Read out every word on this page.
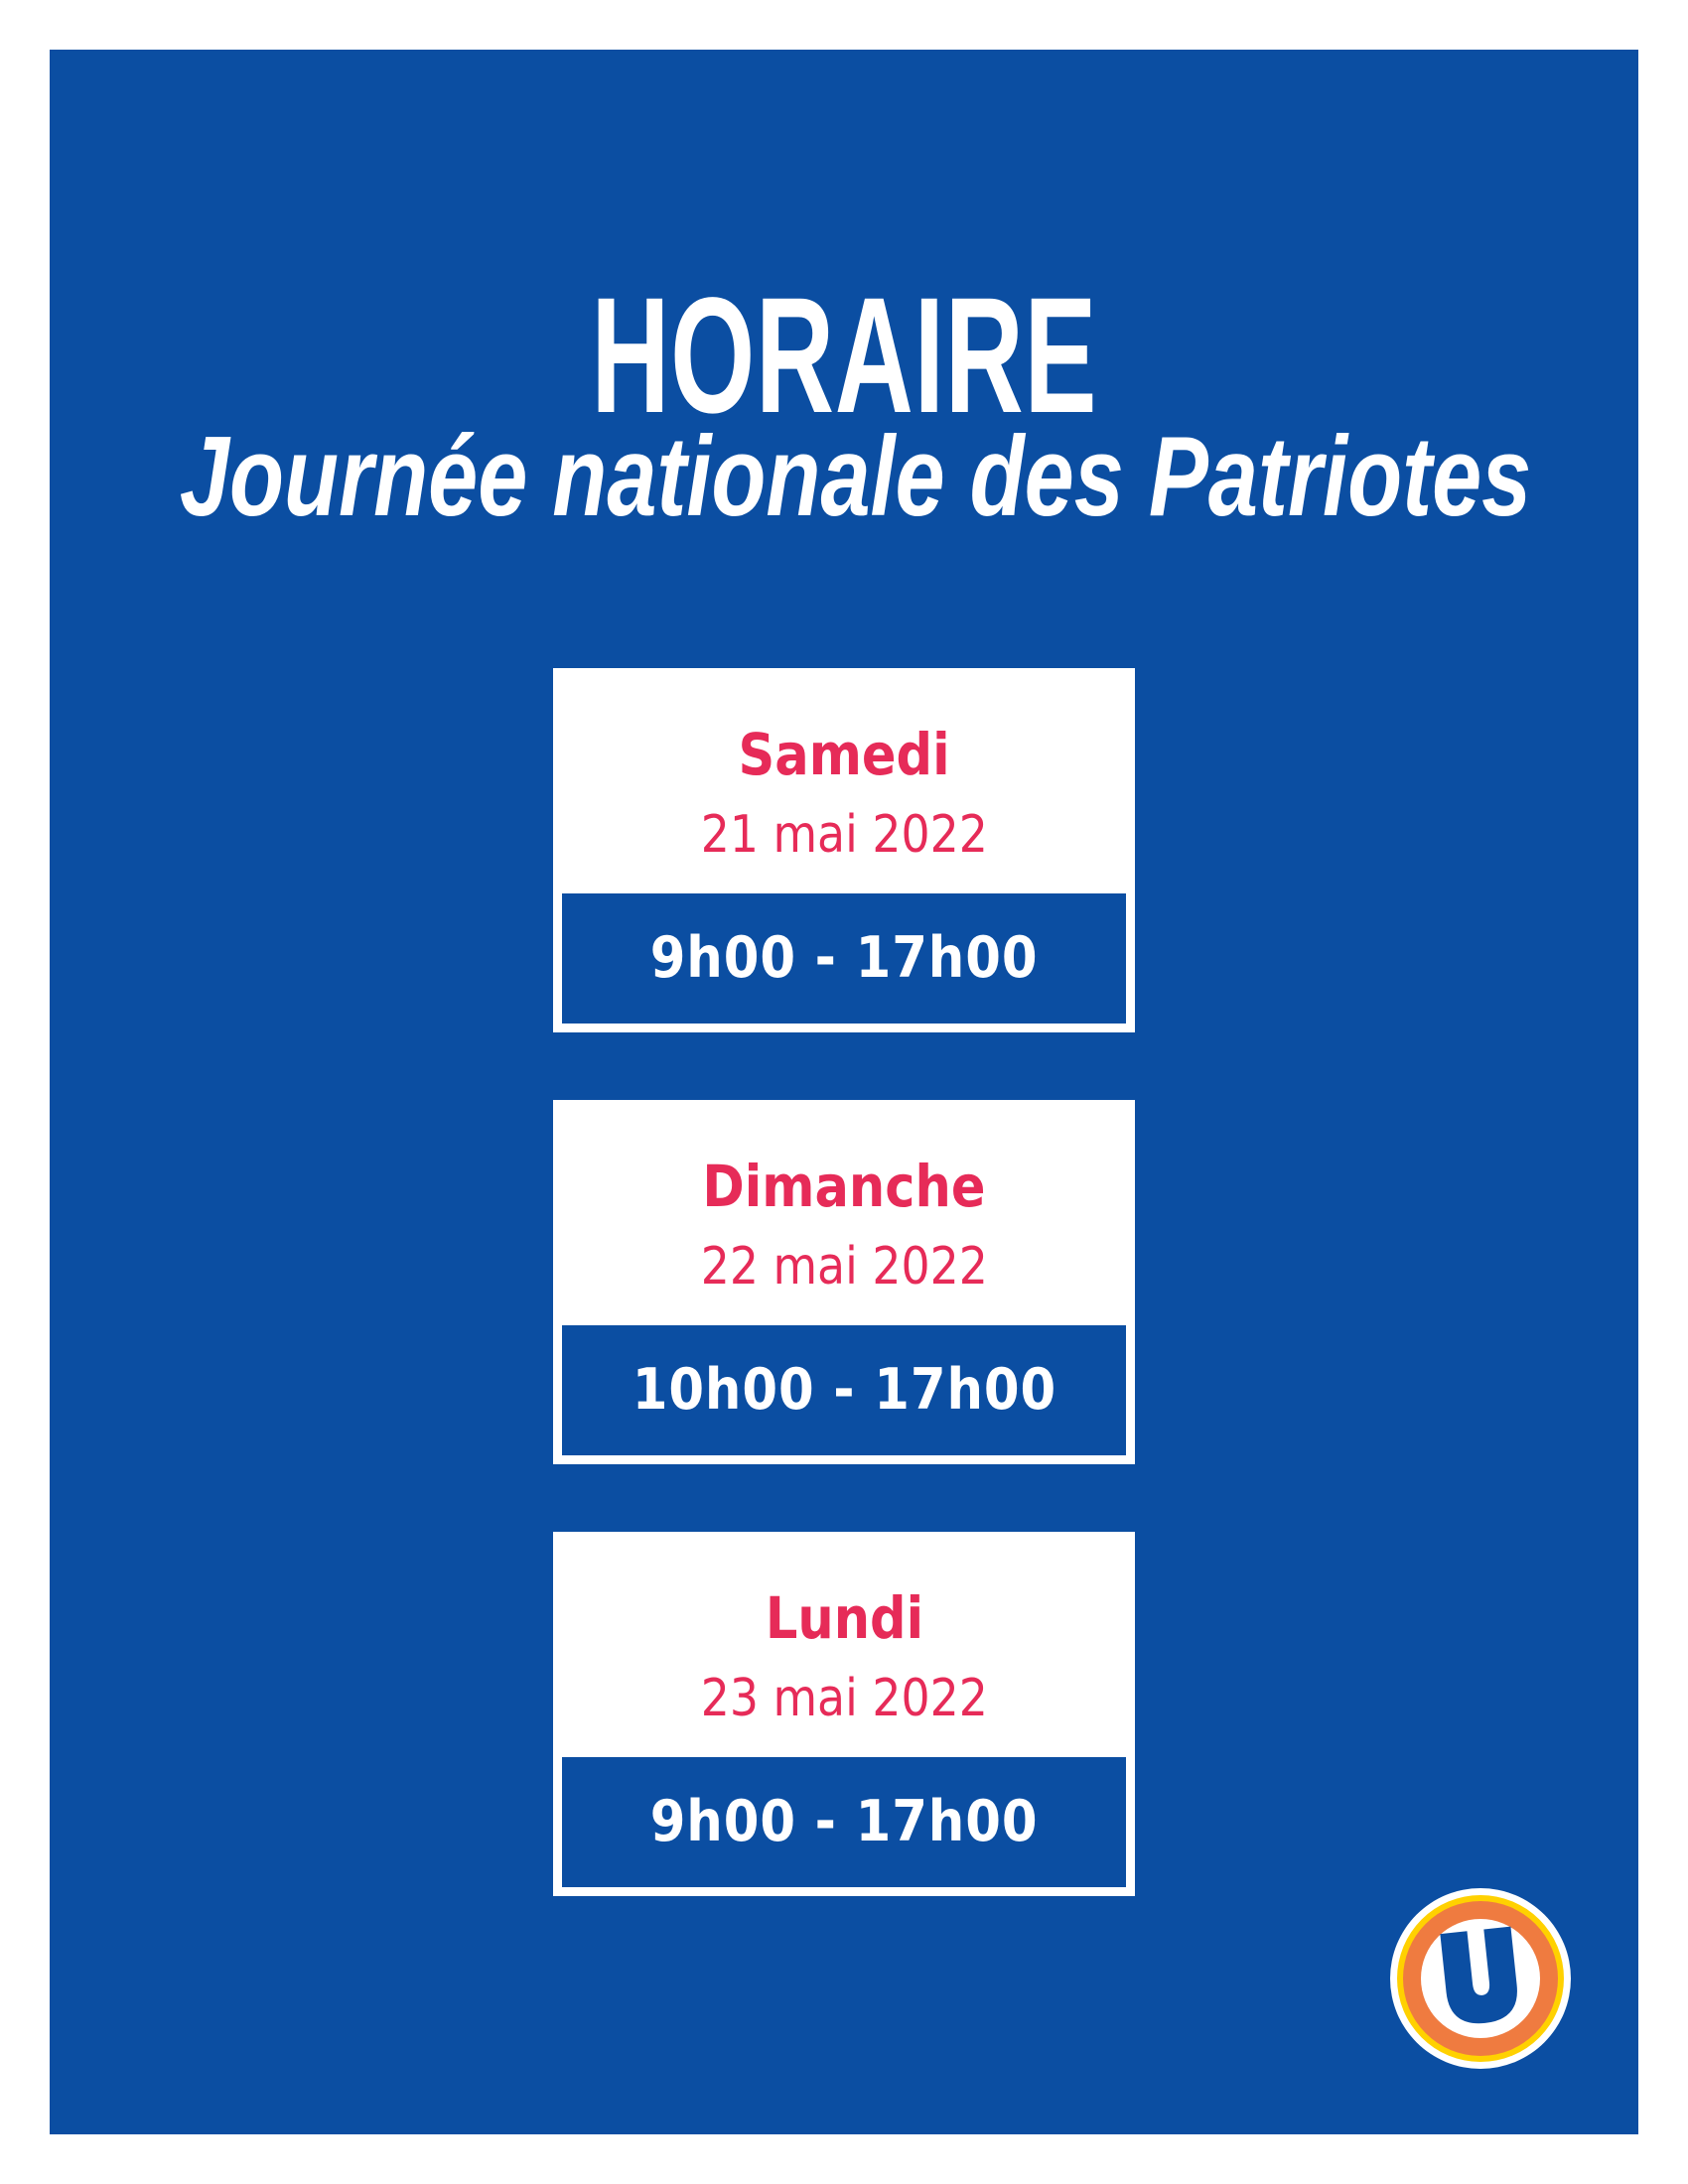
HORAIRE
Journée nationale des Patriotes
Samedi
21 mai 2022
9h00 - 17h00
Dimanche
22 mai 2022
10h00 - 17h00
Lundi
23 mai 2022
9h00 - 17h00
